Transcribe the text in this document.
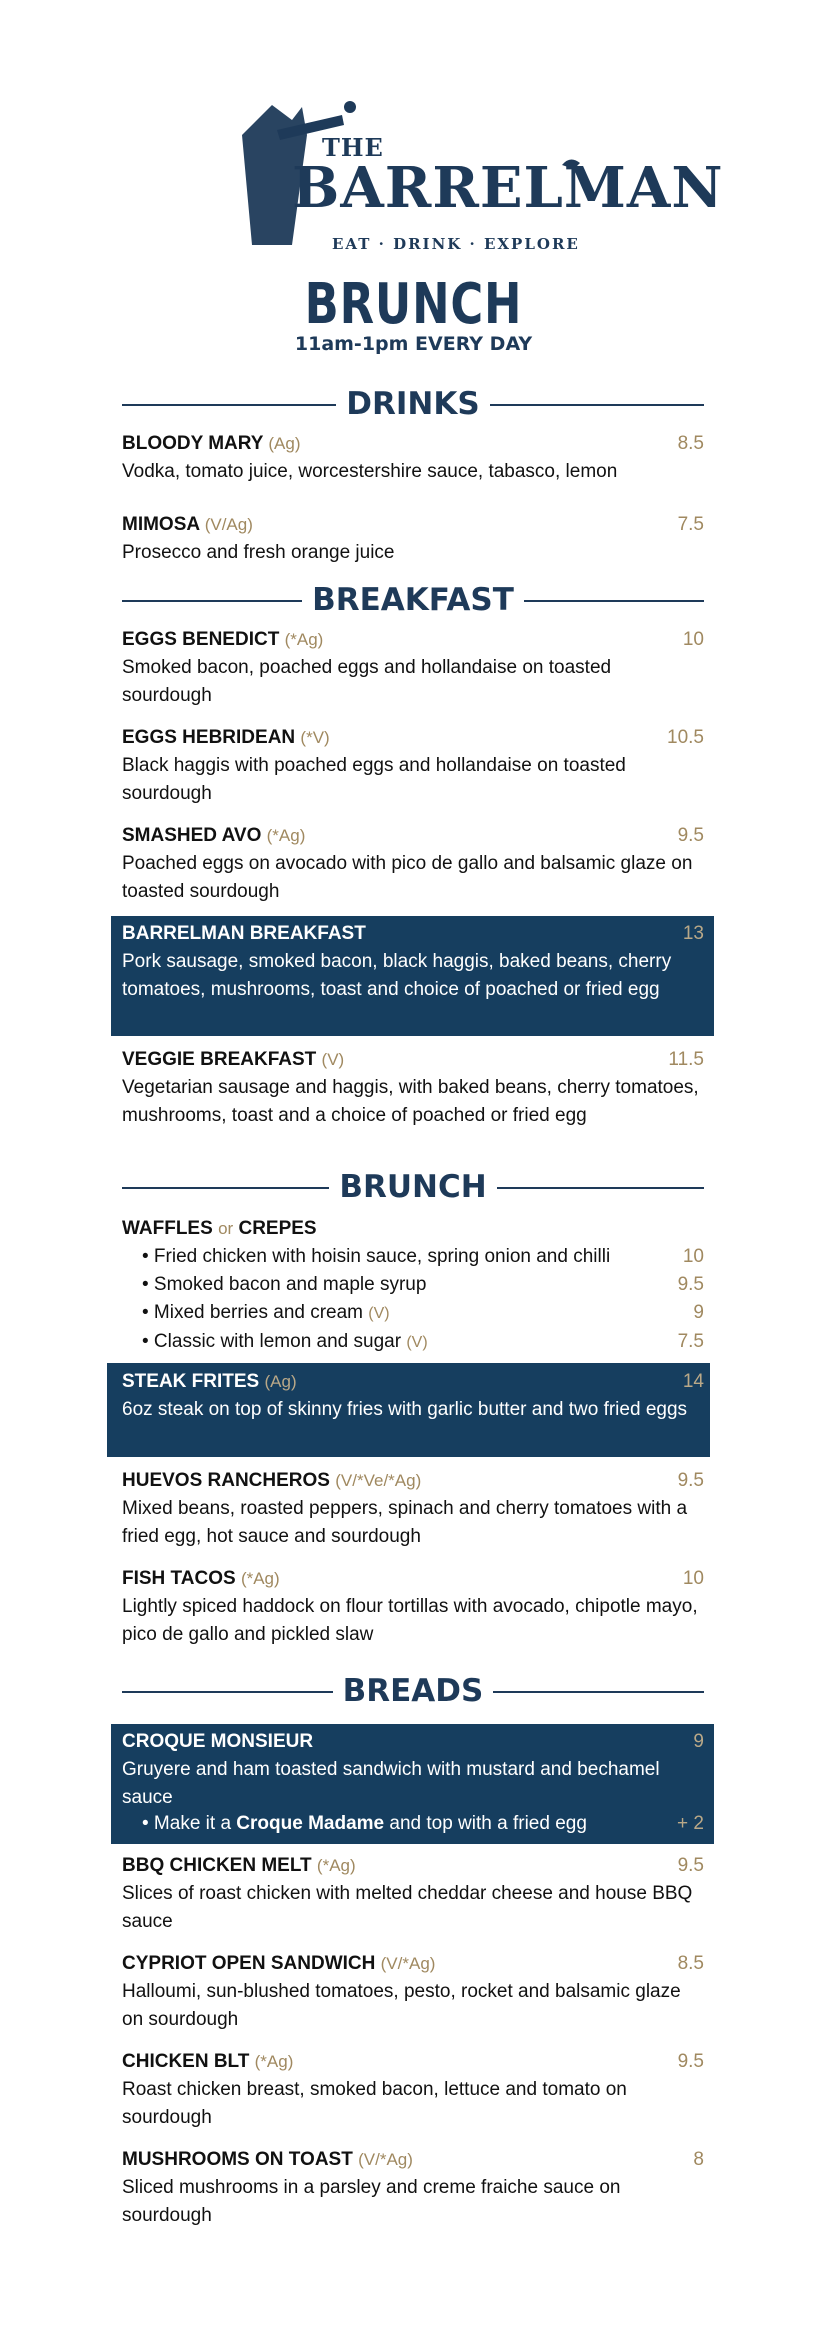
THE
BARRELMAN
EAT · DRINK · EXPLORE
BRUNCH
11am-1pm EVERY DAY
DRINKS
BLOODY MARY (Ag)	8.5
Vodka, tomato juice, worcestershire sauce, tabasco, lemon
MIMOSA (V/Ag)	7.5
Prosecco and fresh orange juice
BREAKFAST
EGGS BENEDICT (*Ag)	10
Smoked bacon, poached eggs and hollandaise on toasted sourdough
EGGS HEBRIDEAN (*V)	10.5
Black haggis with poached eggs and hollandaise on toasted sourdough
SMASHED AVO (*Ag)	9.5
Poached eggs on avocado with pico de gallo and balsamic glaze on toasted sourdough
BARRELMAN BREAKFAST	13
Pork sausage, smoked bacon, black haggis, baked beans, cherry tomatoes, mushrooms, toast and choice of poached or fried egg
VEGGIE BREAKFAST (V)	11.5
Vegetarian sausage and haggis, with baked beans, cherry tomatoes, mushrooms, toast and a choice of poached or fried egg
BRUNCH
WAFFLES or CREPES
• Fried chicken with hoisin sauce, spring onion and chilli	10
• Smoked bacon and maple syrup	9.5
• Mixed berries and cream (V)	9
• Classic with lemon and sugar (V)	7.5
STEAK FRITES (Ag)	14
6oz steak on top of skinny fries with garlic butter and two fried eggs
HUEVOS RANCHEROS (V/*Ve/*Ag)	9.5
Mixed beans, roasted peppers, spinach and cherry tomatoes with a fried egg, hot sauce and sourdough
FISH TACOS (*Ag)	10
Lightly spiced haddock on flour tortillas with avocado, chipotle mayo, pico de gallo and pickled slaw
BREADS
CROQUE MONSIEUR	9
Gruyere and ham toasted sandwich with mustard and bechamel sauce
• Make it a Croque Madame and top with a fried egg	+ 2
BBQ CHICKEN MELT (*Ag)	9.5
Slices of roast chicken with melted cheddar cheese and house BBQ sauce
CYPRIOT OPEN SANDWICH (V/*Ag)	8.5
Halloumi, sun-blushed tomatoes, pesto, rocket and balsamic glaze on sourdough
CHICKEN BLT (*Ag)	9.5
Roast chicken breast, smoked bacon, lettuce and tomato on sourdough
MUSHROOMS ON TOAST (V/*Ag)	8
Sliced mushrooms in a parsley and creme fraiche sauce on sourdough
